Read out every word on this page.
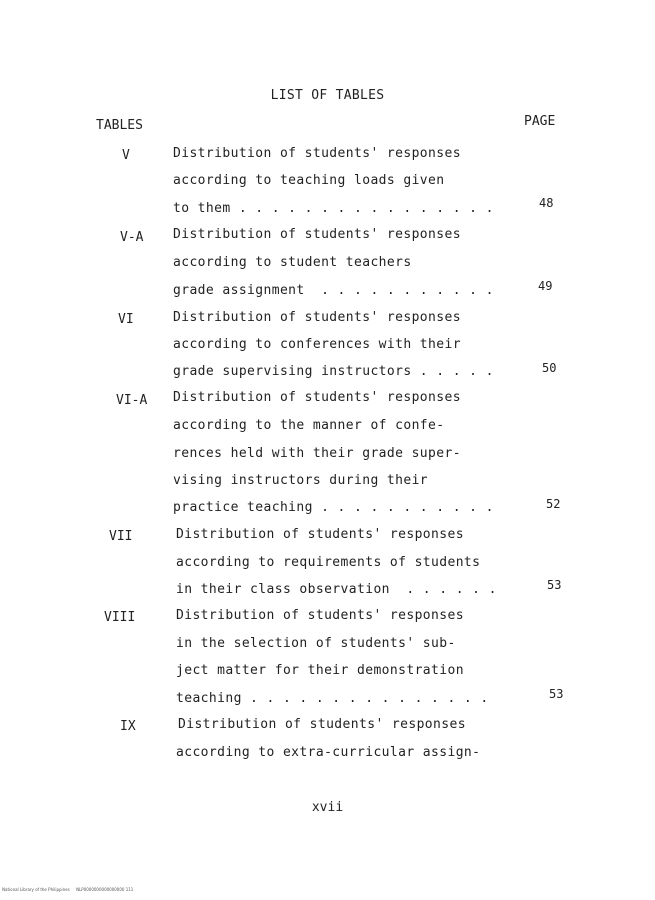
LIST OF TABLES
TABLES	PAGE
V	Distribution of students' responses
according to teaching loads given
to them . . . . . . . . . . . . . . . .	48
V-A Distribution of students' responses
according to student teachers
grade assignment  . . . . . . . . . . .	49
VI	Distribution of students' responses
according to conferences with their
grade supervising instructors . . . . .	50
VI-A Distribution of students' responses
according to the manner of confe-
rences held with their grade super-
vising instructors during their
practice teaching . . . . . . . . . . .	52
VII	Distribution of students' responses
according to requirements of students
in their class observation  . . . . . .	53
VIII	Distribution of students' responses
in the selection of students' sub-
ject matter for their demonstration
teaching . . . . . . . . . . . . . . .	53
IX	Distribution of students' responses
according to extra-curricular assign-
xvii
National Library of the Philippines NLP0000000000000000 111
